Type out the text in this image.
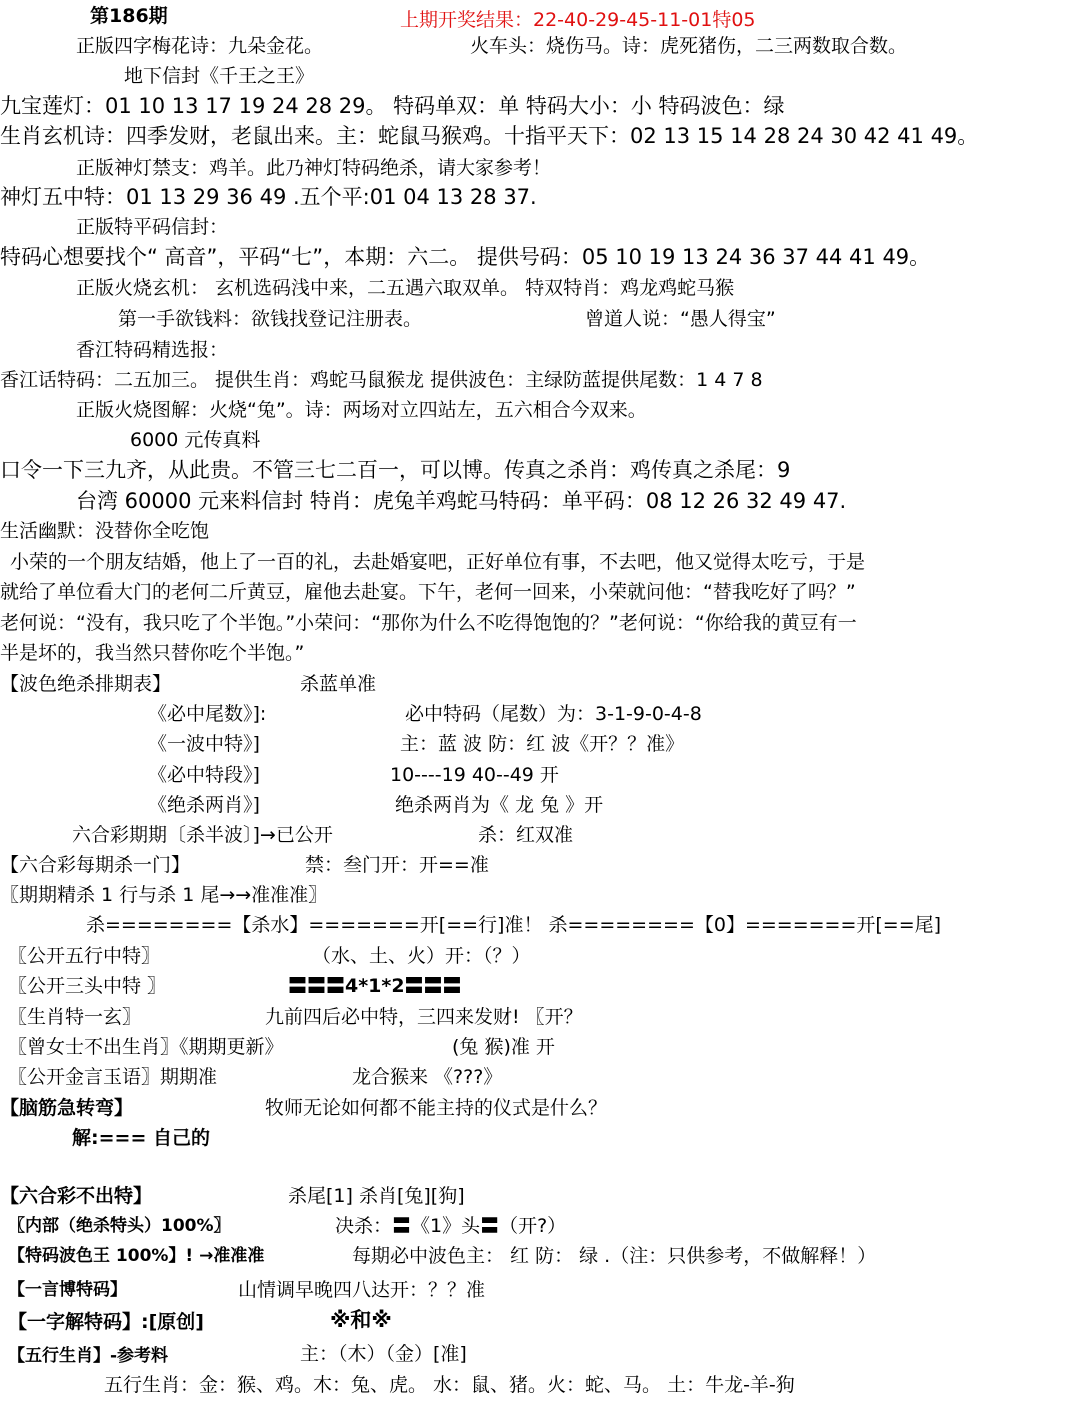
第186期	上期开奖结果：22-40-29-45-11-01特05
正版四字梅花诗：九朵金花。	火车头：烧伤马。诗：虎死猪伤，二三两数取合数。
地下信封《千王之王》
九宝莲灯：01 10 13 17 19 24 28 29。 特码单双：单 特码大小：小 特码波色：绿
生肖玄机诗：四季发财，老鼠出来。主：蛇鼠马猴鸡。十指平天下：02 13 15 14 28 24 30 42 41 49。
正版神灯禁支：鸡羊。此乃神灯特码绝杀，请大家参考！
神灯五中特：01 13 29 36 49 .五个平:01 04 13 28 37.
正版特平码信封：
特码心想要找个“ 高音”，平码“七”，本期：六二。 提供号码：05 10 19 13 24 36 37 44 41 49。
正版火烧玄机： 玄机选码浅中来，二五遇六取双单。 特双特肖：鸡龙鸡蛇马猴
第一手欲钱料：欲钱找登记注册表。	曾道人说：“愚人得宝”
香江特码精选报：
香江话特码：二五加三。 提供生肖：鸡蛇马鼠猴龙 提供波色：主绿防蓝提供尾数：1 4 7 8
正版火烧图解：火烧“兔”。诗：两场对立四站左，五六相合今双来。
6000 元传真料
口令一下三九齐，从此贵。不管三七二百一，可以博。传真之杀肖：鸡传真之杀尾：9
台湾 60000 元来料信封 特肖：虎兔羊鸡蛇马特码：单平码：08 12 26 32 49 47.
生活幽默：没替你全吃饱
小荣的一个朋友结婚，他上了一百的礼，去赴婚宴吧，正好单位有事，不去吧，他又觉得太吃亏，于是
就给了单位看大门的老何二斤黄豆，雇他去赴宴。下午，老何一回来，小荣就问他：“替我吃好了吗？”
老何说：“没有，我只吃了个半饱。”小荣问：“那你为什么不吃得饱饱的？”老何说：“你给我的黄豆有一
半是坏的，我当然只替你吃个半饱。”
【波色绝杀排期表】	杀蓝单准
《必中尾数》]:	必中特码（尾数）为：3-1-9-0-4-8
《一波中特》]	主：蓝 波 防：红 波《开？？准》
《必中特段》]	10----19 40--49 开
《绝杀两肖》]	绝杀两肖为《 龙 兔 》开
六合彩期期〔杀半波〕]→已公开	杀：红双准
【六合彩每期杀一门】	禁：叁门开：开==准
〖期期精杀 1 行与杀 1 尾→→准准准〗
杀========【杀水】=======开[==行]准！ 杀========【0】=======开[==尾]
〖公开五行中特〗	（水、土、火）开：（？）
〖公开三头中特 〗	〓〓〓4*1*2〓〓〓
〖生肖特一玄〗	九前四后必中特，三四来发财! 〖开？
〖曾女士不出生肖〗《期期更新》	(兔 猴)准 开
〖公开金言玉语〗期期准	龙合猴来 《???》
【脑筋急转弯】	牧师无论如何都不能主持的仪式是什么？
解:=== 自己的
【六合彩不出特】	杀尾[1] 杀肖[兔][狗]
〖内部（绝杀特头）100%〗	决杀：〓《1》头〓（开?）
【特码波色王 100%】! →准准准	每期必中波色主： 红 防： 绿 .（注：只供参考，不做解释！）
【一言博特码】	山情调早晚四八达开：？？准
【一字解特码】:[原创]	※和※
【五行生肖】-参考料	主：（木）（金）[准]
五行生肖：金：猴、鸡。木：兔、虎。 水：鼠、猪。火：蛇、马。 土：牛龙-羊-狗
